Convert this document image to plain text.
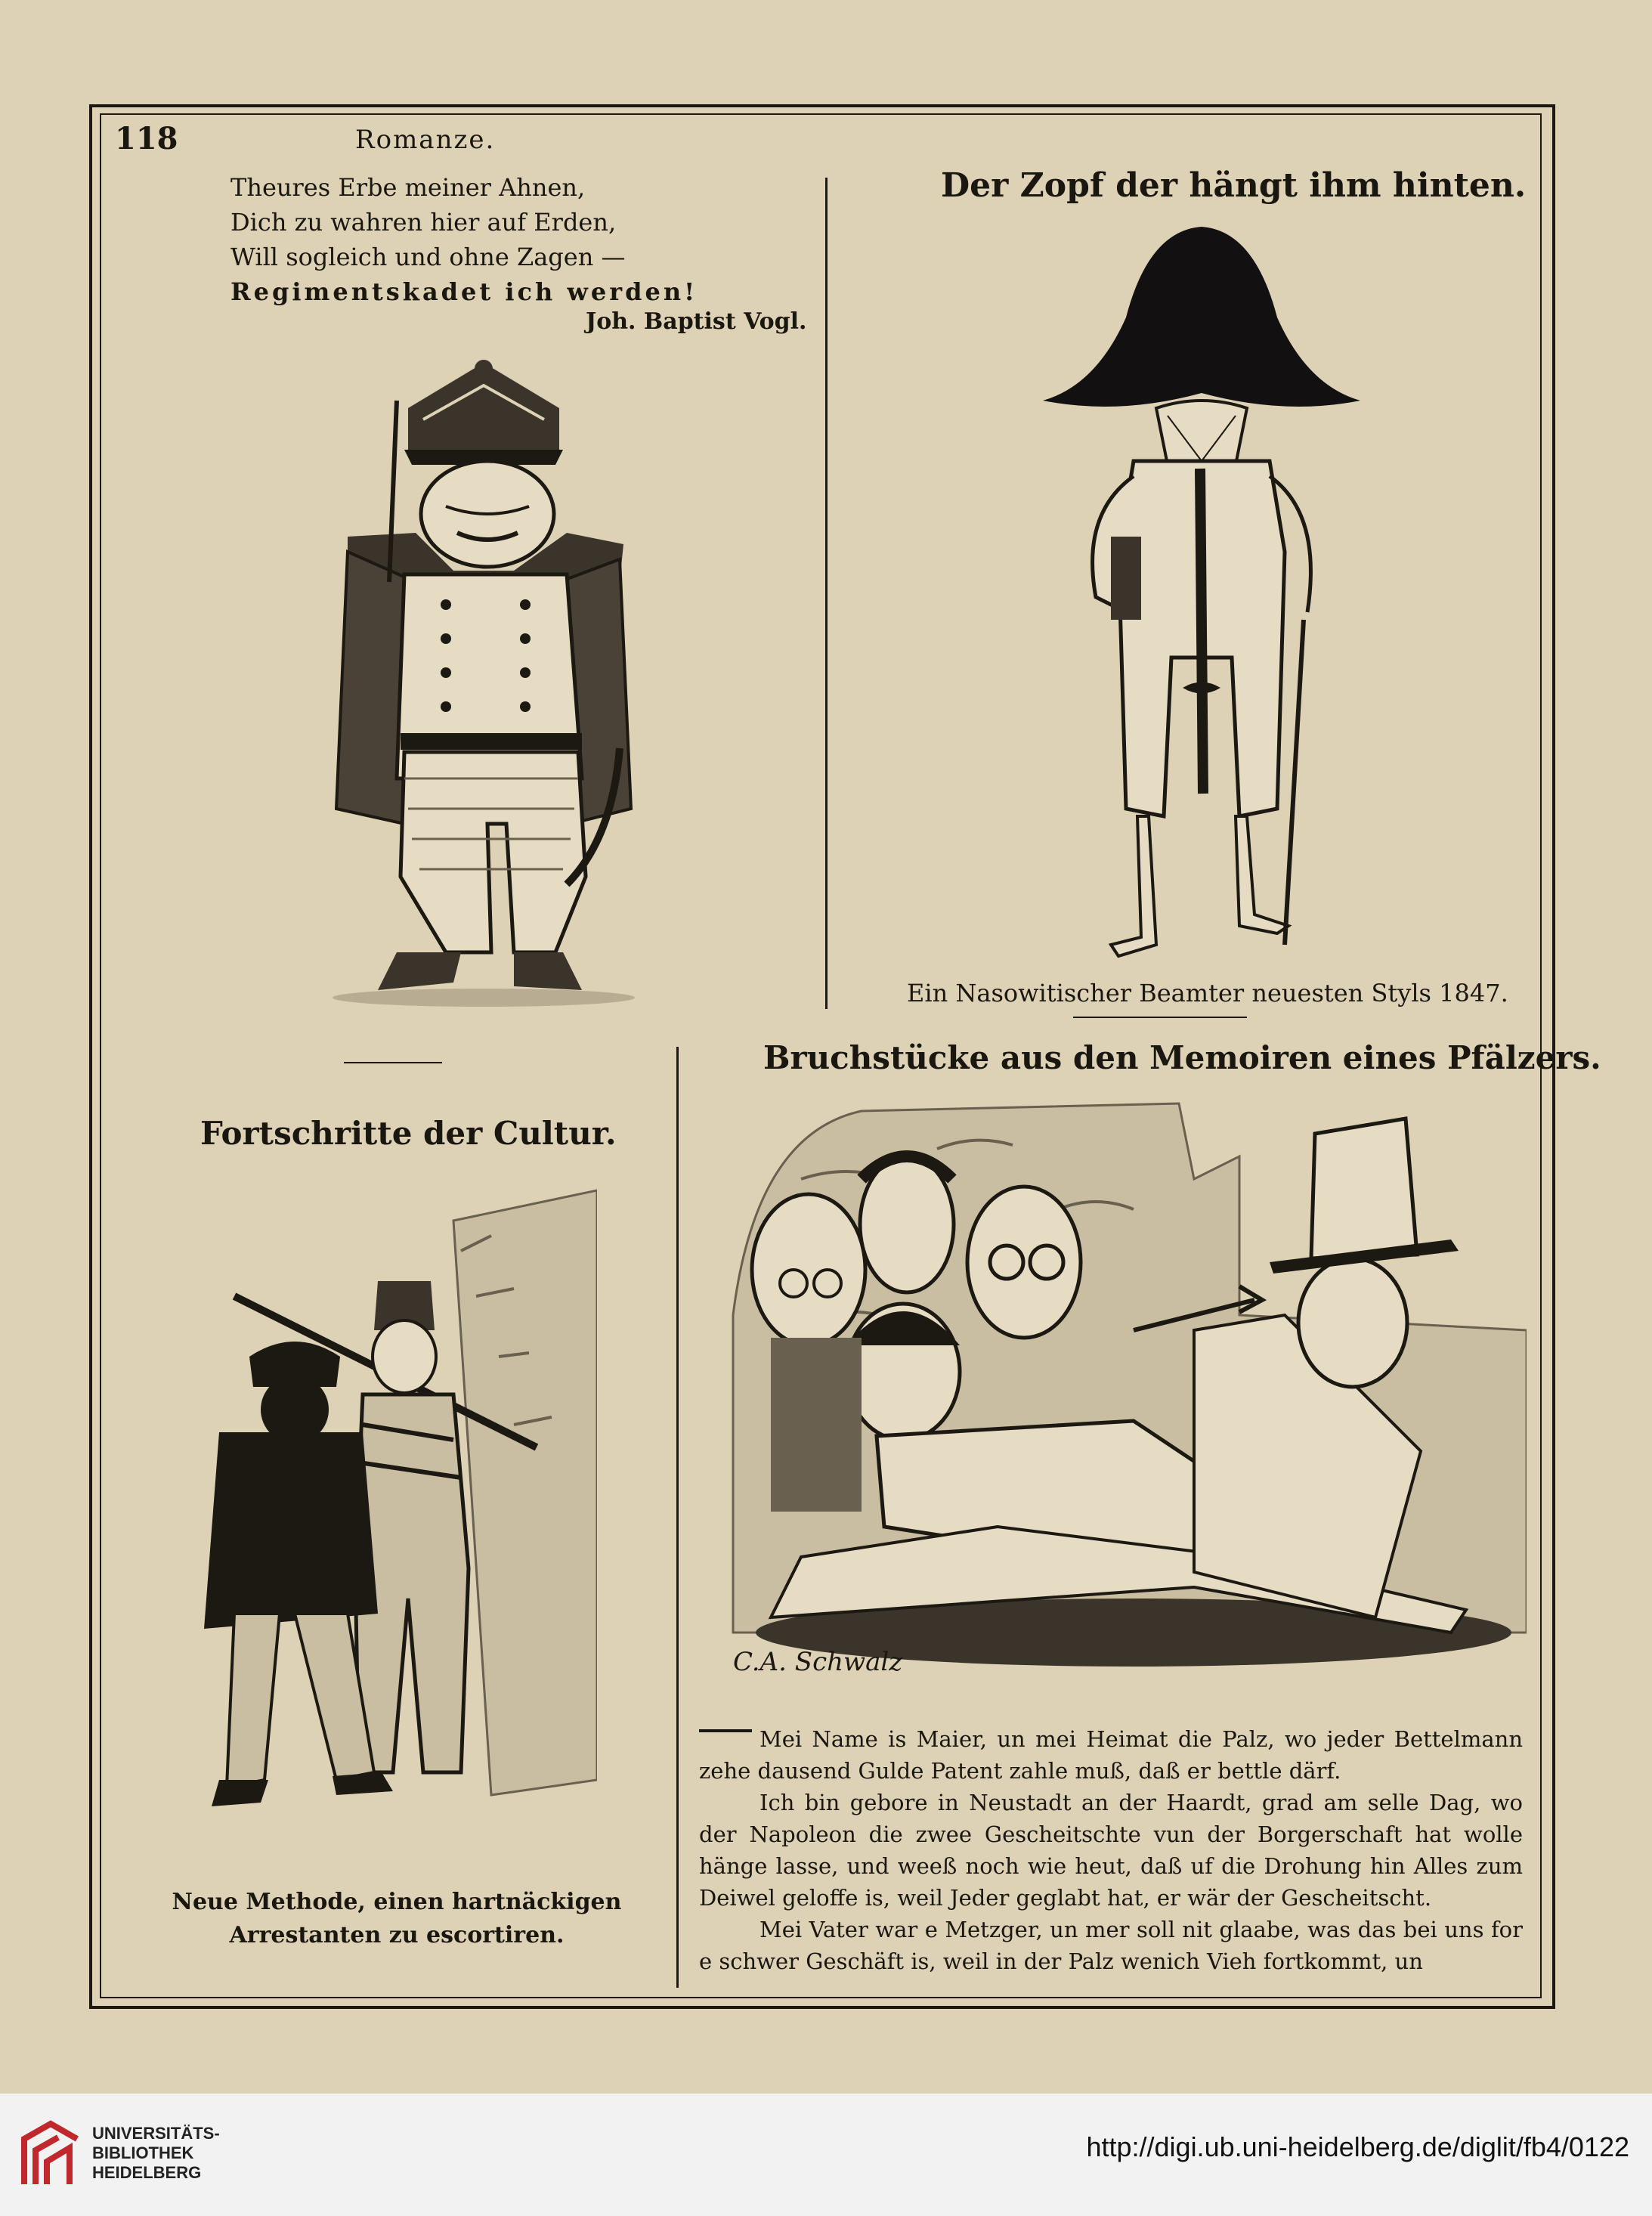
118	Romanze.
Theures Erbe meiner Ahnen,
Dich zu wahren hier auf Erden,
Will sogleich und ohne Zagen —
Regimentskadet ich werden!
Joh. Baptist Vogl.
Der Zopf der hängt ihm hinten.
Ein Nasowitischer Beamter neuesten Styls 1847.
Bruchstücke aus den Memoiren eines Pfälzers.
C.A. Schwalz

Mei Name is Maier, un mei Heimat die Palz, wo jeder Bettelmann zehe dausend Gulde Patent zahle muß, daß er bettle därf.

Ich bin gebore in Neustadt an der Haardt, grad am selle Dag, wo der Napoleon die zwee Gescheitschte vun der Borgerschaft hat wolle hänge lasse, und weeß noch wie heut, daß uf die Drohung hin Alles zum Deiwel geloffe is, weil Jeder geglabt hat, er wär der Gescheitscht.

Mei Vater war e Metzger, un mer soll nit glaabe, was das bei uns for e schwer Geschäft is, weil in der Palz wenich Vieh fortkommt, un

Fortschritte der Cultur.
Neue Methode, einen hartnäckigen Arrestanten zu escortiren.
UNIVERSITÄTS-
BIBLIOTHEK
HEIDELBERG
http://digi.ub.uni-heidelberg.de/diglit/fb4/0122
